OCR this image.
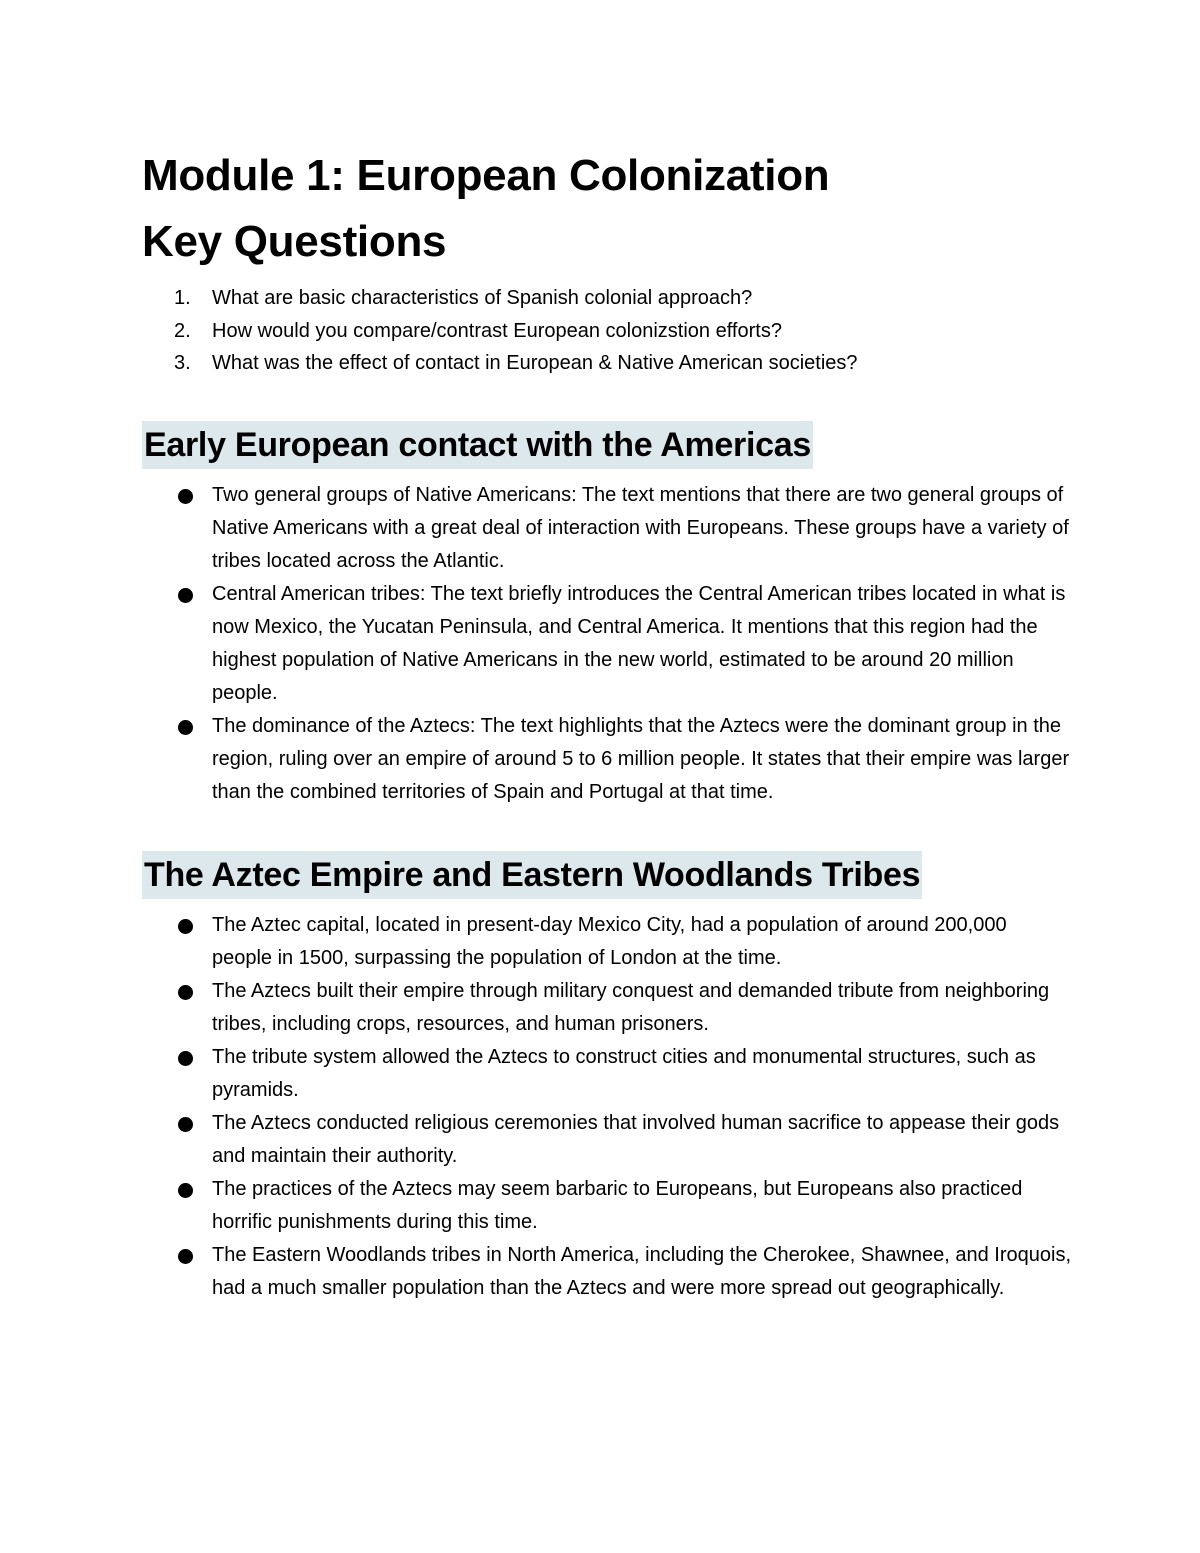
Module 1: European Colonization
Key Questions
1. What are basic characteristics of Spanish colonial approach?
2. How would you compare/contrast European colonizstion efforts?
3. What was the effect of contact in European & Native American societies?
Early European contact with the Americas
Two general groups of Native Americans: The text mentions that there are two general groups of Native Americans with a great deal of interaction with Europeans. These groups have a variety of tribes located across the Atlantic.
Central American tribes: The text briefly introduces the Central American tribes located in what is now Mexico, the Yucatan Peninsula, and Central America. It mentions that this region had the highest population of Native Americans in the new world, estimated to be around 20 million people.
The dominance of the Aztecs: The text highlights that the Aztecs were the dominant group in the region, ruling over an empire of around 5 to 6 million people. It states that their empire was larger than the combined territories of Spain and Portugal at that time.
The Aztec Empire and Eastern Woodlands Tribes
The Aztec capital, located in present-day Mexico City, had a population of around 200,000 people in 1500, surpassing the population of London at the time.
The Aztecs built their empire through military conquest and demanded tribute from neighboring tribes, including crops, resources, and human prisoners.
The tribute system allowed the Aztecs to construct cities and monumental structures, such as pyramids.
The Aztecs conducted religious ceremonies that involved human sacrifice to appease their gods and maintain their authority.
The practices of the Aztecs may seem barbaric to Europeans, but Europeans also practiced horrific punishments during this time.
The Eastern Woodlands tribes in North America, including the Cherokee, Shawnee, and Iroquois, had a much smaller population than the Aztecs and were more spread out geographically.
